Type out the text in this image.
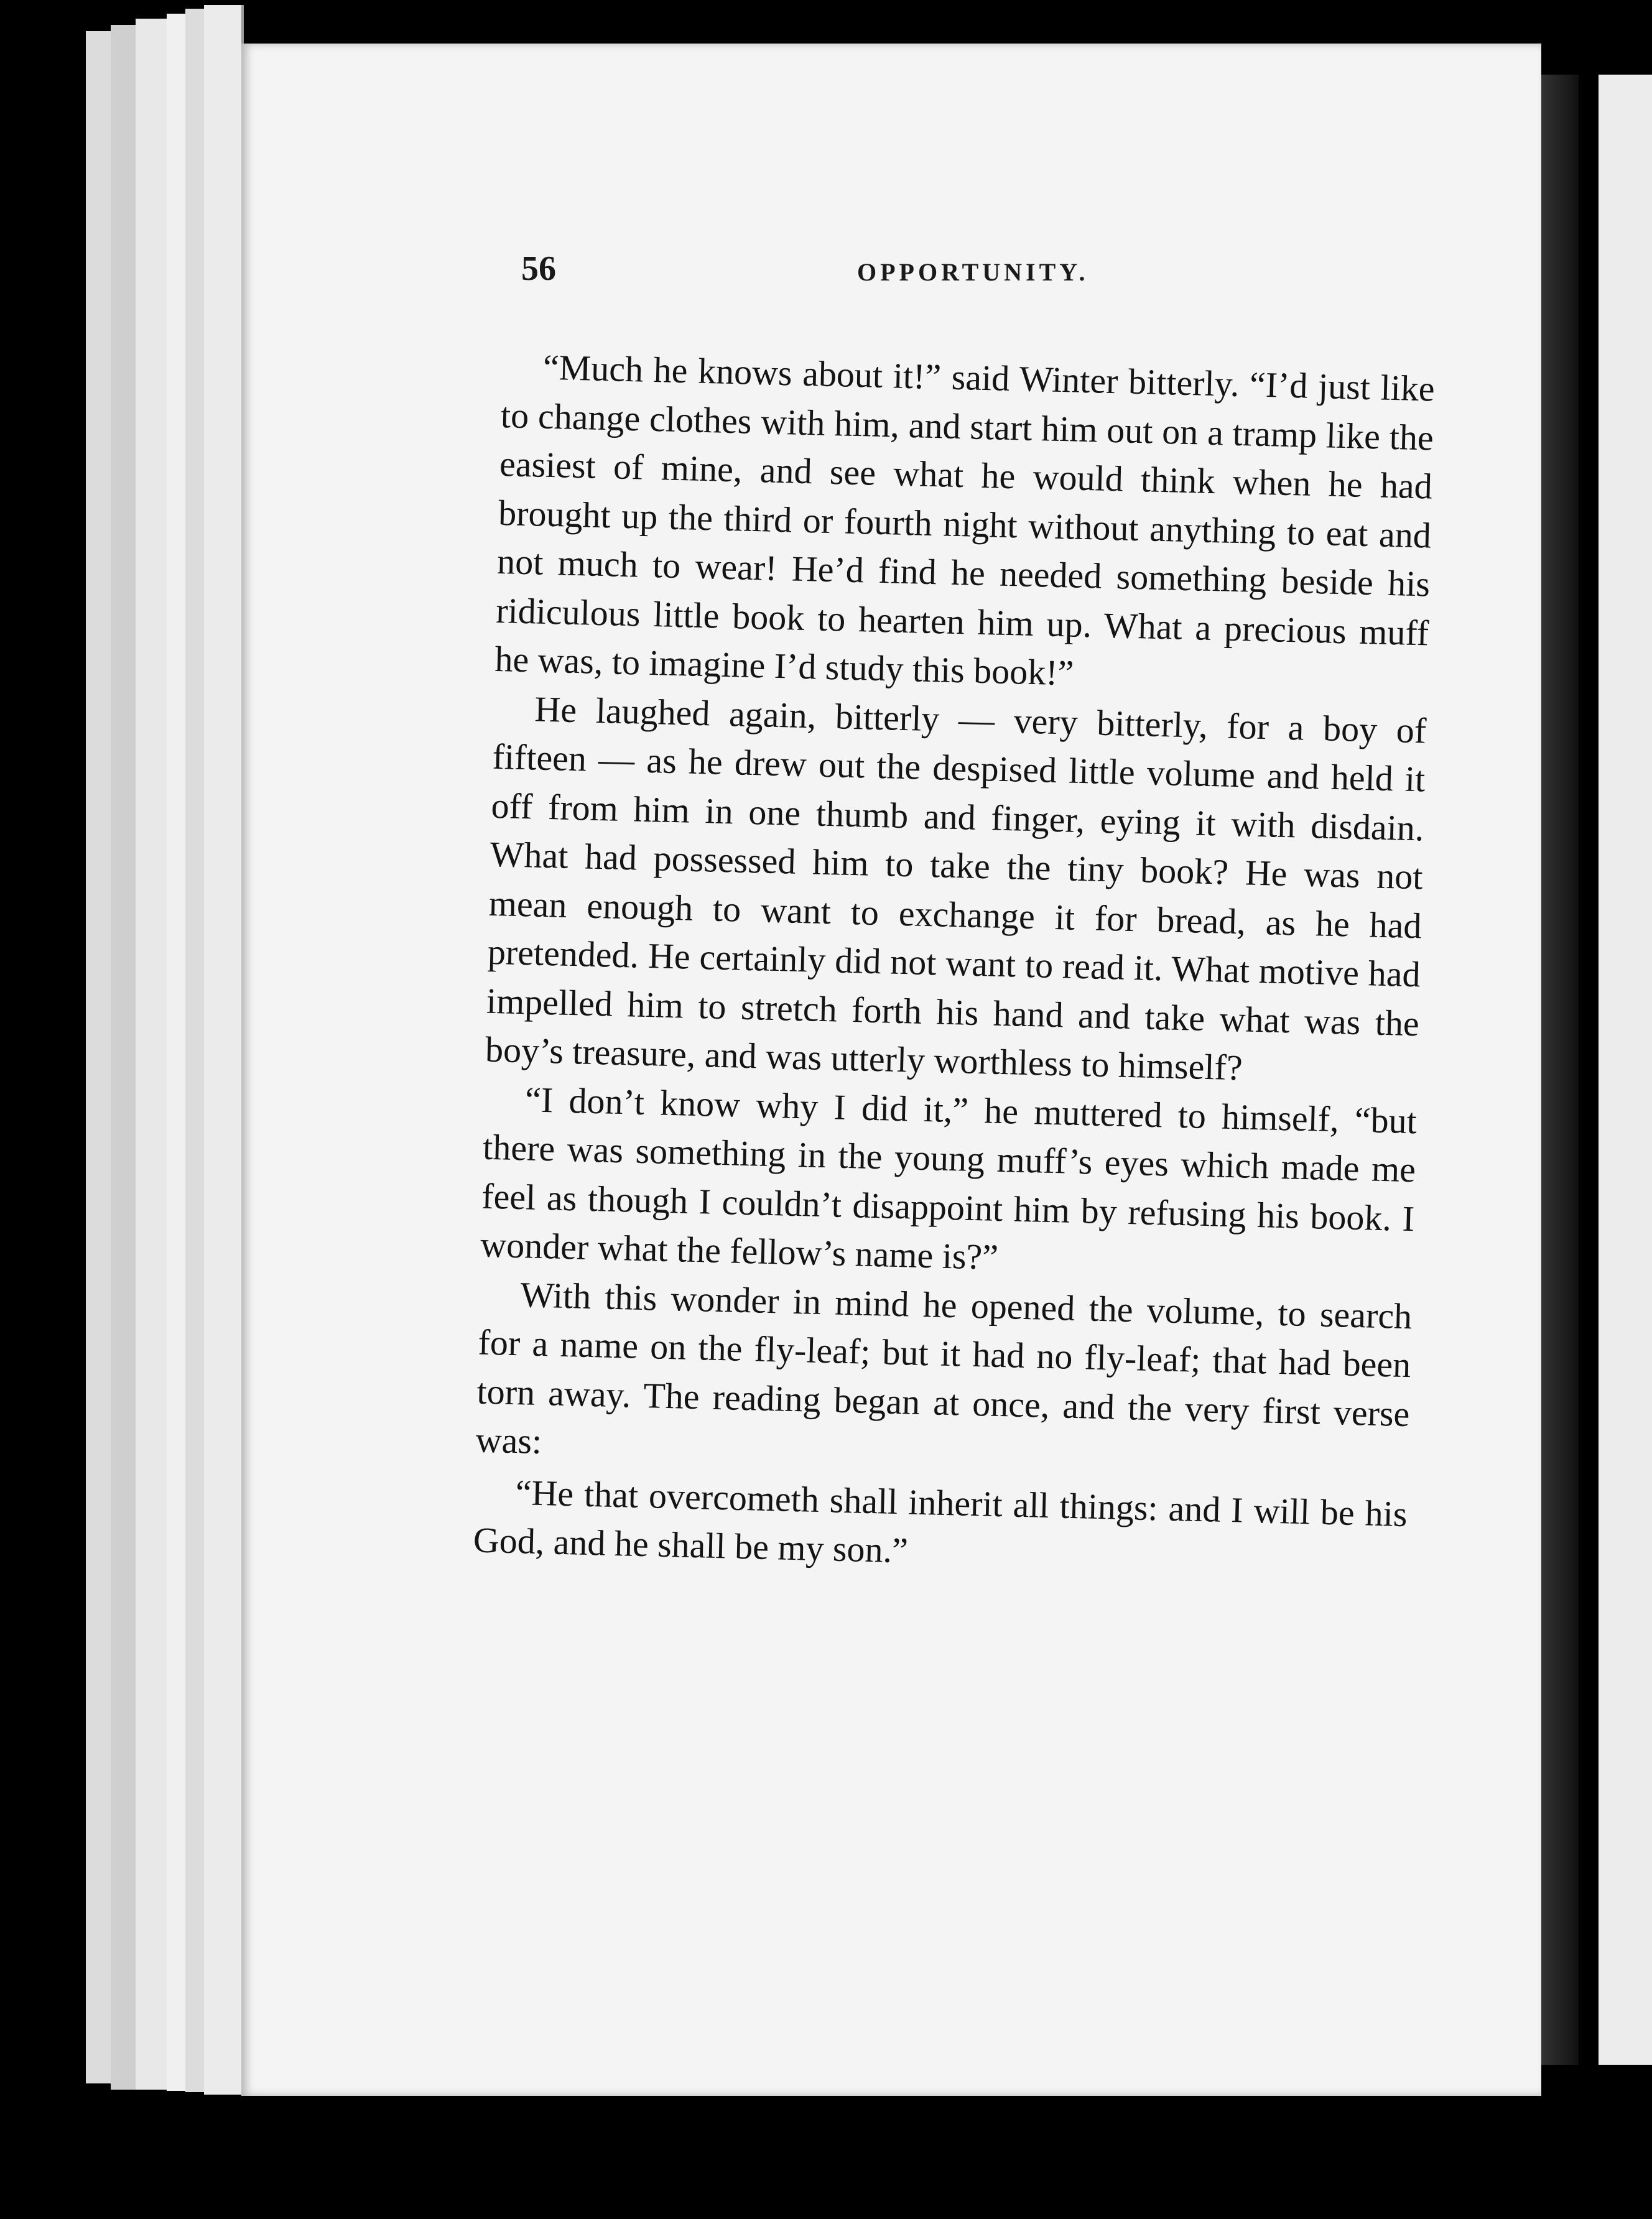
56	OPPORTUNITY.

“Much he knows about it!” said Winter bitterly. “I’d just like to change clothes with him, and start him out on a tramp like the easiest of mine, and see what he would think when he had brought up the third or fourth night without anything to eat and not much to wear! He’d find he needed something beside his ridiculous little book to hearten him up. What a precious muff he was, to imagine I’d study this book!”

He laughed again, bitterly — very bitterly, for a boy of fifteen — as he drew out the despised little volume and held it off from him in one thumb and finger, eying it with disdain. What had possessed him to take the tiny book? He was not mean enough to want to exchange it for bread, as he had pretended. He certainly did not want to read it. What motive had impelled him to stretch forth his hand and take what was the boy’s treasure, and was utterly worthless to himself?

“I don’t know why I did it,” he muttered to himself, “but there was something in the young muff’s eyes which made me feel as though I couldn’t disappoint him by refusing his book. I wonder what the fellow’s name is?”

With this wonder in mind he opened the volume, to search for a name on the fly-leaf; but it had no fly-leaf; that had been torn away. The reading began at once, and the very first verse was:

“He that overcometh shall inherit all things: and I will be his God, and he shall be my son.”
